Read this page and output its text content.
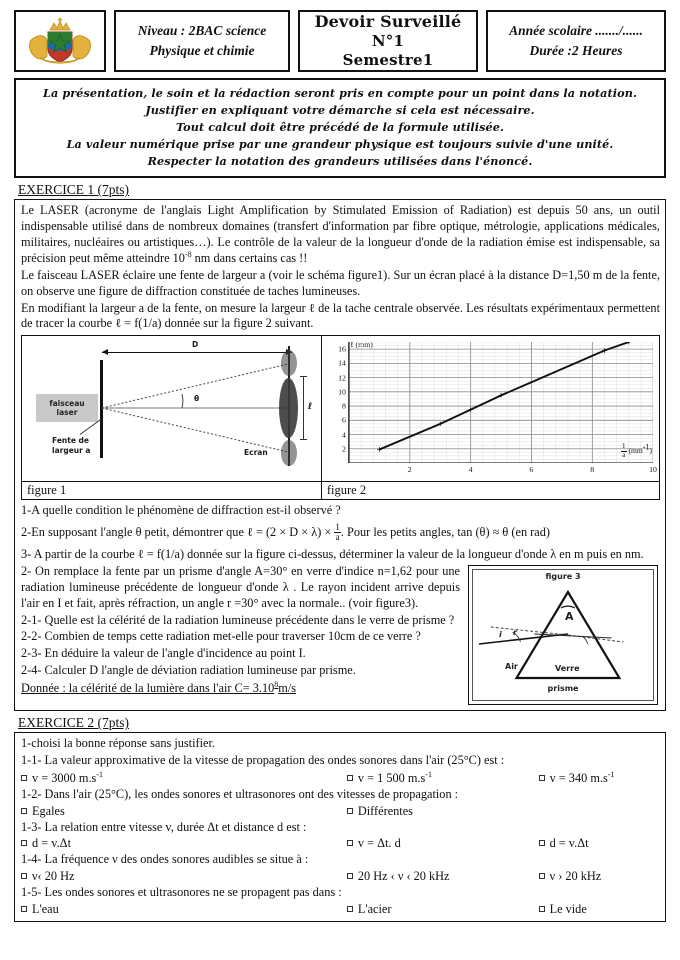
Niveau : 2BAC science
Physique et chimie
Devoir Surveillé
N°1
Semestre1
Année scolaire ......./......
Durée :2 Heures
La présentation, le soin et la rédaction seront pris en compte pour un point dans la notation.
Justifier en expliquant votre démarche si cela est nécessaire.
Tout calcul doit être précédé de la formule utilisée.
La valeur numérique prise par une grandeur physique est toujours suivie d'une unité.
Respecter la notation des grandeurs utilisées dans l'énoncé.
EXERCICE 1 (7pts)

Le LASER (acronyme de l'anglais Light Amplification by Stimulated Emission of Radiation) est depuis 50 ans, un outil indispensable utilisé dans de nombreux domaines (transfert d'information par fibre optique, métrologie, applications médicales, militaires, nucléaires ou artistiques…). Le contrôle de la valeur de la longueur d'onde de la radiation émise est indispensable, sa précision peut même atteindre $10^{-8}$ nm dans certains cas !!

Le faisceau LASER éclaire une fente de largeur a (voir le schéma figure1). Sur un écran placé à la distance D=1,50 m de la fente, on observe une figure de diffraction constituée de taches lumineuses.

En modifiant la largeur a de la fente, on mesure la largeur ℓ de la tache centrale observée. Les résultats expérimentaux permettent de tracer la courbe ℓ = f(1/a) donnée sur la figure 2 suivant.

D
faisceau
laser
Fente de
largeur a
θ
ℓ
Ecran
figure 1

ℓ (mm)
2
4
6
8
10
12
14
16
2	4	6	8	10
$\frac{1}{a} (mm^{-1})$
figure 2

1-A quelle condition le phénomène de diffraction est-il observé ?

2-En supposant l'angle θ petit, démontrer que ℓ = $(2 \times D \times \lambda) \times \frac{1}{a}$ . Pour les petits angles, tan (θ) ≈ θ (en rad)

3- A partir de la courbe ℓ = f(1/a) donnée sur la figure ci-dessus, déterminer la valeur de la longueur d'onde λ en m puis en nm.

figure 3
A
i r
Air	Verre
prisme

2- On remplace la fente par un prisme d'angle A=30° en verre d'indice n=1,62 pour une radiation lumineuse précédente de longueur d'onde λ . Le rayon incident arrive depuis l'air en I et fait, après réfraction, un angle r =30° avec la normale.. (voir figure3).

2-1- Quelle est la célérité de la radiation lumineuse précédente dans le verre de prisme ?

2-2- Combien de temps cette radiation met-elle pour traverser 10cm de ce verre ?

2-3- En déduire la valeur de l'angle d'incidence au point I.

2-4- Calculer D l'angle de déviation radiation lumineuse par prisme.

Donnée : la célérité de la lumière dans l'air $C= 3.10^8m/s$

EXERCICE 2 (7pts)

1-choisi la bonne réponse sans justifier.

1-1- La valeur approximative de la vitesse de propagation des ondes sonores dans l'air (25°C) est :

v = 3000 $m.s^{-1}$	v = 1 500 $m.s^{-1}$	v = 340 $m.s^{-1}$

1-2- Dans l'air (25°C), les ondes sonores et ultrasonores ont des vitesses de propagation :

Egales	Différentes

1-3- La relation entre vitesse v, durée Δt et distance d est :

d = v.Δt	v = Δt. d	d = v.Δt

1-4- La fréquence ν des ondes sonores audibles se situe à :

ν‹ 20 Hz	20 Hz ‹ ν ‹ 20 kHz	ν › 20 kHz

1-5- Les ondes sonores et ultrasonores ne se propagent pas dans :

L'eau	L'acier	Le vide
